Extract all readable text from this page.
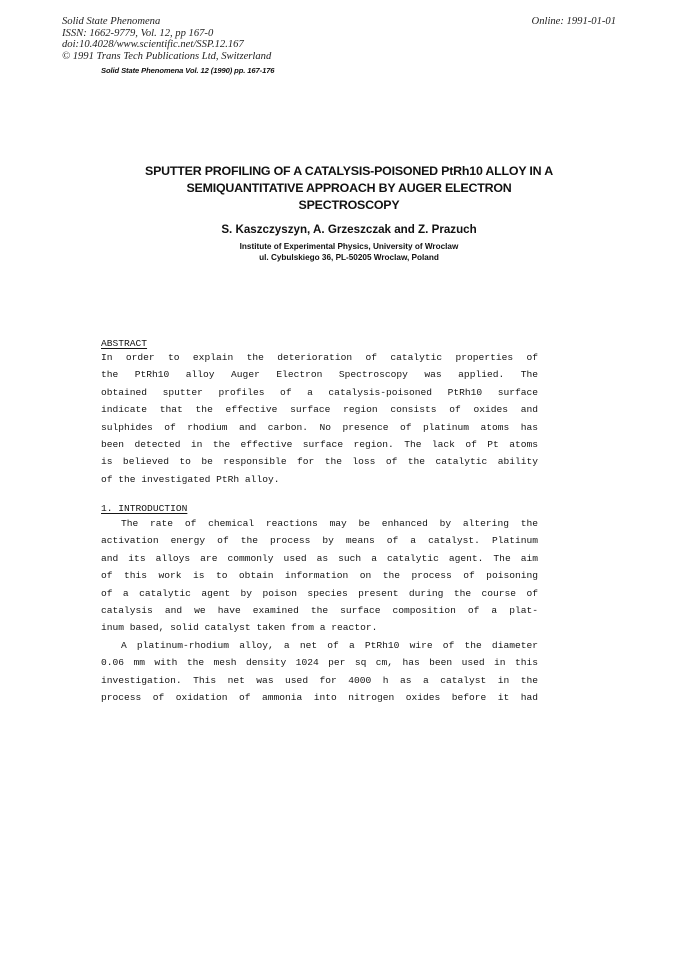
Solid State Phenomena
ISSN: 1662-9779, Vol. 12, pp 167-0
doi:10.4028/www.scientific.net/SSP.12.167
© 1991 Trans Tech Publications Ltd, Switzerland
Online: 1991-01-01
Solid State Phenomena Vol. 12 (1990) pp. 167-176
SPUTTER PROFILING OF A CATALYSIS-POISONED PtRh10 ALLOY IN A
SEMIQUANTITATIVE APPROACH BY AUGER ELECTRON
SPECTROSCOPY
S. Kaszczyszyn, A. Grzeszczak and Z. Prazuch
Institute of Experimental Physics, University of Wroclaw
ul. Cybulskiego 36, PL-50205 Wroclaw, Poland
ABSTRACT
In order to explain the deterioration of catalytic properties of
the PtRh10 alloy Auger Electron Spectroscopy was applied. The
obtained sputter profiles of a catalysis-poisoned PtRh10 surface
indicate that the effective surface region consists of oxides and
sulphides of rhodium and carbon. No presence of platinum atoms has
been detected in the effective surface region. The lack of Pt atoms
is believed to be responsible for the loss of the catalytic ability
of the investigated PtRh alloy.
1. INTRODUCTION
The rate of chemical reactions may be enhanced by altering the
activation energy of the process by means of a catalyst. Platinum
and its alloys are commonly used as such a catalytic agent. The aim
of this work is to obtain information on the process of poisoning
of a catalytic agent by poison species present during the course of
catalysis and we have examined the surface composition of a plat-
inum based, solid catalyst taken from a reactor.
A platinum-rhodium alloy, a net of a PtRh10 wire of the diameter
0.06 mm with the mesh density 1024 per sq cm, has been used in this
investigation. This net was used for 4000 h as a catalyst in the
process of oxidation of ammonia into nitrogen oxides before it had
